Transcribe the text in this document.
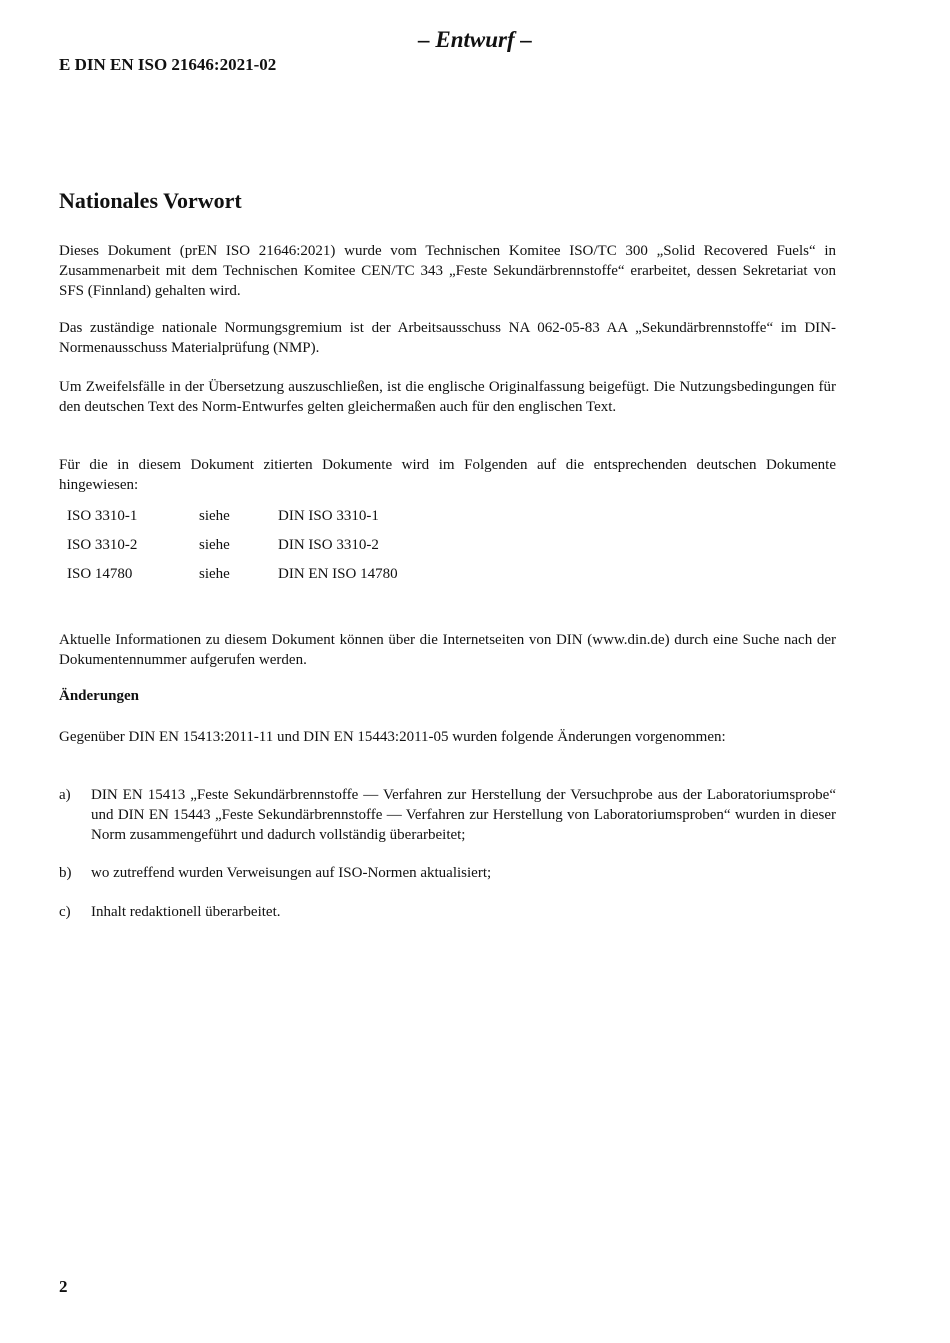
– Entwurf –
E DIN EN ISO 21646:2021-02
Nationales Vorwort

Dieses Dokument (prEN ISO 21646:2021) wurde vom Technischen Komitee ISO/TC 300 „Solid Recovered Fuels“ in Zusammenarbeit mit dem Technischen Komitee CEN/TC 343 „Feste Sekundärbrennstoffe“ erarbeitet, dessen Sekretariat von SFS (Finnland) gehalten wird.

Das zuständige nationale Normungsgremium ist der Arbeitsausschuss NA 062-05-83 AA „Sekundärbrennstoffe“ im DIN-Normenausschuss Materialprüfung (NMP).

Um Zweifelsfälle in der Übersetzung auszuschließen, ist die englische Originalfassung beigefügt. Die Nutzungsbedingungen für den deutschen Text des Norm-Entwurfes gelten gleichermaßen auch für den englischen Text.

Für die in diesem Dokument zitierten Dokumente wird im Folgenden auf die entsprechenden deutschen Dokumente hingewiesen:

ISO 3310-1	siehe	DIN ISO 3310-1
ISO 3310-2	siehe	DIN ISO 3310-2
ISO 14780	siehe	DIN EN ISO 14780

Aktuelle Informationen zu diesem Dokument können über die Internetseiten von DIN (www.din.de) durch eine Suche nach der Dokumentennummer aufgerufen werden.

Änderungen

Gegenüber DIN EN 15413:2011-11 und DIN EN 15443:2011-05 wurden folgende Änderungen vorgenommen:

a) DIN EN 15413 „Feste Sekundärbrennstoffe — Verfahren zur Herstellung der Versuchprobe aus der Laboratoriumsprobe“ und DIN EN 15443 „Feste Sekundärbrennstoffe — Verfahren zur Herstellung von Laboratoriumsproben“ wurden in dieser Norm zusammengeführt und dadurch vollständig überarbeitet;
b) wo zutreffend wurden Verweisungen auf ISO-Normen aktualisiert;
c) Inhalt redaktionell überarbeitet.
2
